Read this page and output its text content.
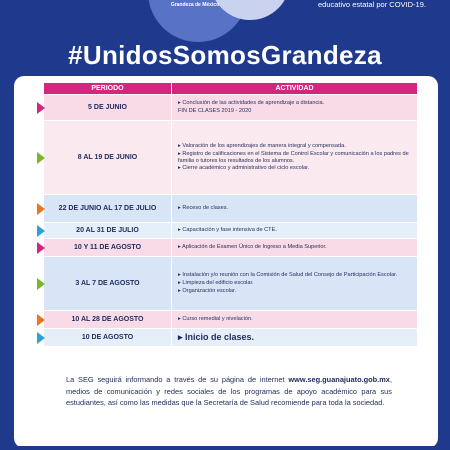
Grandeza de México	educativo estatal por COVID-19.
#UnidosSomosGrandeza
PERIODO	ACTIVIDAD
5 DE JUNIO	▸ Conclusión de las actividades de aprendizaje a distancia.
FIN DE CLASES 2019 - 2020

8 AL 19 DE JUNIO	▸ Valoración de los aprendizajes de manera integral y compensada.
▸ Registro de calificaciones en el Sistema de Control Escolar y comunicación a los padres de familia o tutores los resultados de los alumnos.
▸ Cierre académico y administrativo del ciclo escolar.

22 DE JUNIO AL 17 DE JULIO	▸ Receso de clases.

20 AL 31 DE JULIO	▸ Capacitación y fase intensiva de CTE.

10 Y 11 DE AGOSTO	▸ Aplicación de Examen Único de Ingreso a Media Superior.

3 AL 7 DE AGOSTO	▸ Instalación y/o reunión con la Comisión de Salud del Consejo de Participación Escolar.
▸ Limpieza del edificio escolar.
▸ Organización escolar.

10 AL 28 DE AGOSTO	▸ Curso remedial y nivelación.

10 DE AGOSTO	▸ Inicio de clases.
La SEG seguirá informando a través de su página de internet www.seg.guanajuato.gob.mx, medios de comunicación y redes sociales de los programas de apoyo académico para sus estudiantes, así como las medidas que la Secretaría de Salud recomiende para toda la sociedad.
